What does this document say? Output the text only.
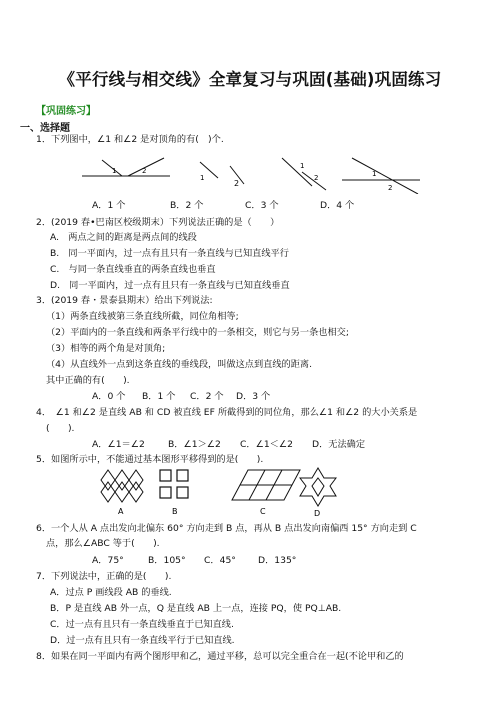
《平行线与相交线》全章复习与巩固(基础)巩固练习
【巩固练习】
一、选择题
1．下列图中，∠1 和∠2 是对顶角的有(　)个.
1	2
1
2
1
2	1
2
A．1 个	B．2 个	C．3 个	D．4 个
2．(2019 春•巴南区校级期末）下列说法正确的是（　　）
A.　两点之间的距离是两点间的线段
B.　同一平面内，过一点有且只有一条直线与已知直线平行
C.　与同一条直线垂直的两条直线也垂直
D.　同一平面内，过一点有且只有一条直线与已知直线垂直
3．(2019 春・景泰县期末）给出下列说法:
（1）两条直线被第三条直线所截，同位角相等;
（2）平面内的一条直线和两条平行线中的一条相交，则它与另一条也相交;
（3）相等的两个角是对顶角;
（4）从直线外一点到这条直线的垂线段，叫做这点到直线的距离.
其中正确的有(　　).
A．0 个 B．1 个 C．2 个 D．3 个
4．　∠1 和∠2 是直线 AB 和 CD 被直线 EF 所截得到的同位角，那么∠1 和∠2 的大小关系是
(　　).
A．∠1＝∠2	B．∠1＞∠2 C．∠1＜∠2 D．无法确定
5．如图所示中，不能通过基本图形平移得到的是(　　).
A	B	C	D
6．一个人从 A 点出发向北偏东 60° 方向走到 B 点，再从 B 点出发向南偏西 15° 方向走到 C
点，那么∠ABC 等于(　　).
A．75°	B．105° C．45° D．135°
7．下列说法中，正确的是(　　).
A．过点 P 画线段 AB 的垂线.
B．P 是直线 AB 外一点，Q 是直线 AB 上一点，连接 PQ，使 PQ⊥AB.
C．过一点有且只有一条直线垂直于已知直线.
D．过一点有且只有一条直线平行于已知直线.
8．如果在同一平面内有两个图形甲和乙，通过平移，总可以完全重合在一起(不论甲和乙的
